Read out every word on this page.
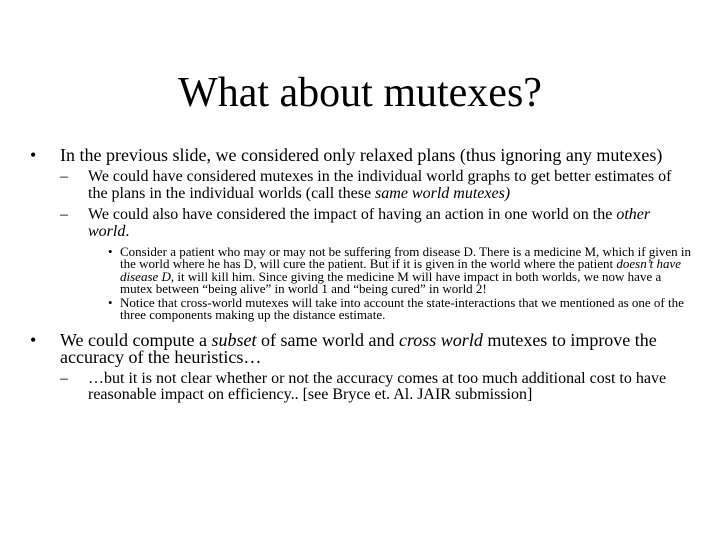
What about mutexes?
•	In the previous slide, we considered only relaxed plans (thus ignoring any mutexes)
–	We could have considered mutexes in the individual world graphs to get better estimates of the plans in the individual worlds (call these same world mutexes)
–	We could also have considered the impact of having an action in one world on the other world.
• Consider a patient who may or may not be suffering from disease D. There is a medicine M, which if given in the world where he has D, will cure the patient. But if it is given in the world where the patient doesn’t have disease D, it will kill him. Since giving the medicine M will have impact in both worlds, we now have a mutex between “being alive” in world 1 and “being cured” in world 2!
• Notice that cross-world mutexes will take into account the state-interactions that we mentioned as one of the three components making up the distance estimate.
•	We could compute a subset of same world and cross world mutexes to improve the accuracy of the heuristics…
–	…but it is not clear whether or not the accuracy comes at too much additional cost to have reasonable impact on efficiency.. [see Bryce et. Al. JAIR submission]
